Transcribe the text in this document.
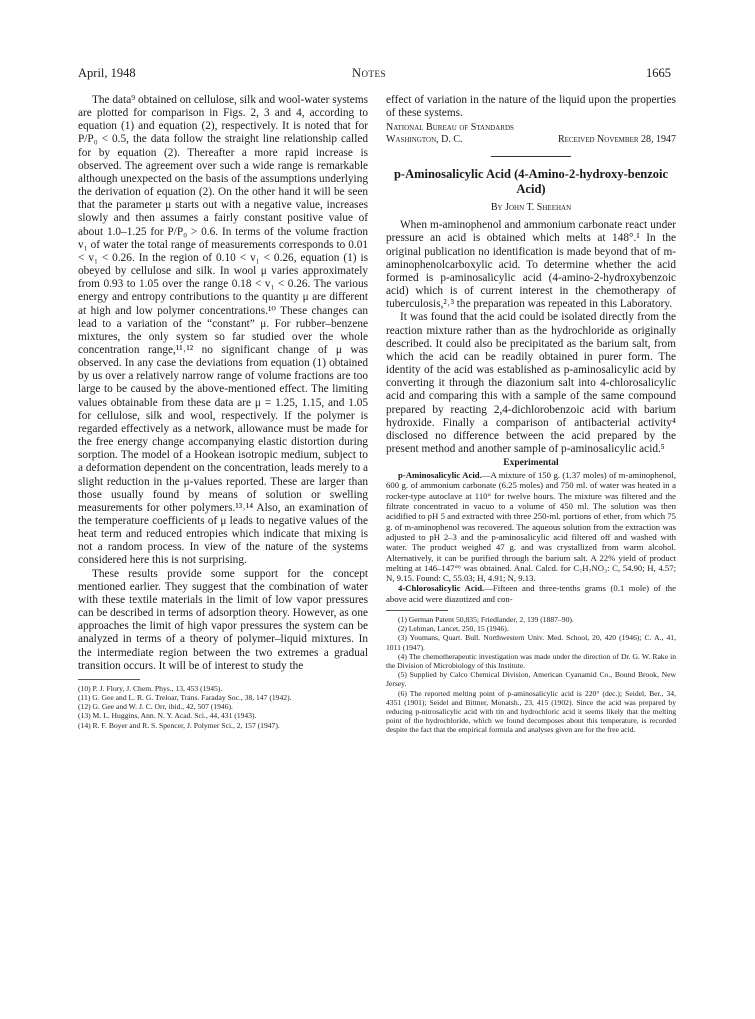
April, 1948	Notes	1665

The data⁹ obtained on cellulose, silk and wool-water systems are plotted for comparison in Figs. 2, 3 and 4, according to equation (1) and equation (2), respectively. It is noted that for P/P₀ < 0.5, the data follow the straight line relationship called for by equation (2). Thereafter a more rapid increase is observed. The agreement over such a wide range is remarkable although unexpected on the basis of the assumptions underlying the derivation of equation (2). On the other hand it will be seen that the parameter μ starts out with a negative value, increases slowly and then assumes a fairly constant positive value of about 1.0–1.25 for P/P₀ > 0.6. In terms of the volume fraction v₁ of water the total range of measurements corresponds to 0.01 < v₁ < 0.26. In the region of 0.10 < v₁ < 0.26, equation (1) is obeyed by cellulose and silk. In wool μ varies approximately from 0.93 to 1.05 over the range 0.18 < v₁ < 0.26. The various energy and entropy contributions to the quantity μ are different at high and low polymer concentrations.¹⁰ These changes can lead to a variation of the “constant” μ. For rubber–benzene mixtures, the only system so far studied over the whole concentration range,¹¹˒¹² no significant change of μ was observed. In any case the deviations from equation (1) obtained by us over a relatively narrow range of volume fractions are too large to be caused by the above-mentioned effect. The limiting values obtainable from these data are μ = 1.25, 1.15, and 1.05 for cellulose, silk and wool, respectively. If the polymer is regarded effectively as a network, allowance must be made for the free energy change accompanying elastic distortion during sorption. The model of a Hookean isotropic medium, subject to a deformation dependent on the concentration, leads merely to a slight reduction in the μ-values reported. These are larger than those usually found by means of solution or swelling measurements for other polymers.¹³˒¹⁴ Also, an examination of the temperature coefficients of μ leads to negative values of the heat term and reduced entropies which indicate that mixing is not a random process. In view of the nature of the systems considered here this is not surprising.

These results provide some support for the concept mentioned earlier. They suggest that the combination of water with these textile materials in the limit of low vapor pressures can be described in terms of adsorption theory. However, as one approaches the limit of high vapor pressures the system can be analyzed in terms of a theory of polymer–liquid mixtures. In the intermediate region between the two extremes a gradual transition occurs. It will be of interest to study the

(10) P. J. Flory, J. Chem. Phys., 13, 453 (1945).

(11) G. Gee and L. R. G. Treloar, Trans. Faraday Soc., 38, 147 (1942).

(12) G. Gee and W. J. C. Orr, ibid., 42, 507 (1946).

(13) M. L. Huggins, Ann. N. Y. Acad. Sci., 44, 431 (1943).

(14) R. F. Boyer and R. S. Spencer, J. Polymer Sci., 2, 157 (1947).

effect of variation in the nature of the liquid upon the properties of these systems.

National Bureau of Standards
Washington, D. C.	Received November 28, 1947
p-Aminosalicylic Acid (4-Amino-2-hydroxy-benzoic Acid)
By John T. Sheehan

When m-aminophenol and ammonium carbonate react under pressure an acid is obtained which melts at 148°.¹ In the original publication no identification is made beyond that of m-aminophenolcarboxylic acid. To determine whether the acid formed is p-aminosalicylic acid (4-amino-2-hydroxybenzoic acid) which is of current interest in the chemotherapy of tuberculosis,²˒³ the preparation was repeated in this Laboratory.

It was found that the acid could be isolated directly from the reaction mixture rather than as the hydrochloride as originally described. It could also be precipitated as the barium salt, from which the acid can be readily obtained in purer form. The identity of the acid was established as p-aminosalicylic acid by converting it through the diazonium salt into 4-chlorosalicylic acid and comparing this with a sample of the same compound prepared by reacting 2,4-dichlorobenzoic acid with barium hydroxide. Finally a comparison of antibacterial activity⁴ disclosed no difference between the acid prepared by the present method and another sample of p-aminosalicylic acid.⁵

Experimental

p-Aminosalicylic Acid.—A mixture of 150 g. (1.37 moles) of m-aminophenol, 600 g. of ammonium carbonate (6.25 moles) and 750 ml. of water was heated in a rocker-type autoclave at 110° for twelve hours. The mixture was filtered and the filtrate concentrated in vacuo to a volume of 450 ml. The solution was then acidified to pH 5 and extracted with three 250-ml. portions of ether, from which 75 g. of m-aminophenol was recovered. The aqueous solution from the extraction was adjusted to pH 2–3 and the p-aminosalicylic acid filtered off and washed with water. The product weighed 47 g. and was crystallized from warm alcohol. Alternatively, it can be purified through the barium salt. A 22% yield of product melting at 146–147°⁶ was obtained. Anal. Calcd. for C₇H₇NO₃: C, 54.90; H, 4.57; N, 9.15. Found: C, 55.03; H, 4.91; N, 9.13.

4-Chlorosalicylic Acid.—Fifteen and three-tenths grams (0.1 mole) of the above acid were diazotized and con-

(1) German Patent 50,835; Friedlander, 2, 139 (1887–90).

(2) Lehman, Lancet, 250, 15 (1946).

(3) Youmans, Quart. Bull. Northwestern Univ. Med. School, 20, 420 (1946); C. A., 41, 1011 (1947).

(4) The chemotherapeutic investigation was made under the direction of Dr. G. W. Rake in the Division of Microbiology of this Institute.

(5) Supplied by Calco Chemical Division, American Cyanamid Co., Bound Brook, New Jersey.

(6) The reported melting point of p-aminosalicylic acid is 220° (dec.); Seidel, Ber., 34, 4351 (1901); Seidel and Bittner, Monatsh., 23, 415 (1902). Since the acid was prepared by reducing p-nitrosalicylic acid with tin and hydrochloric acid it seems likely that the melting point of the hydrochloride, which we found decomposes about this temperature, is recorded despite the fact that the empirical formula and analyses given are for the free acid.
